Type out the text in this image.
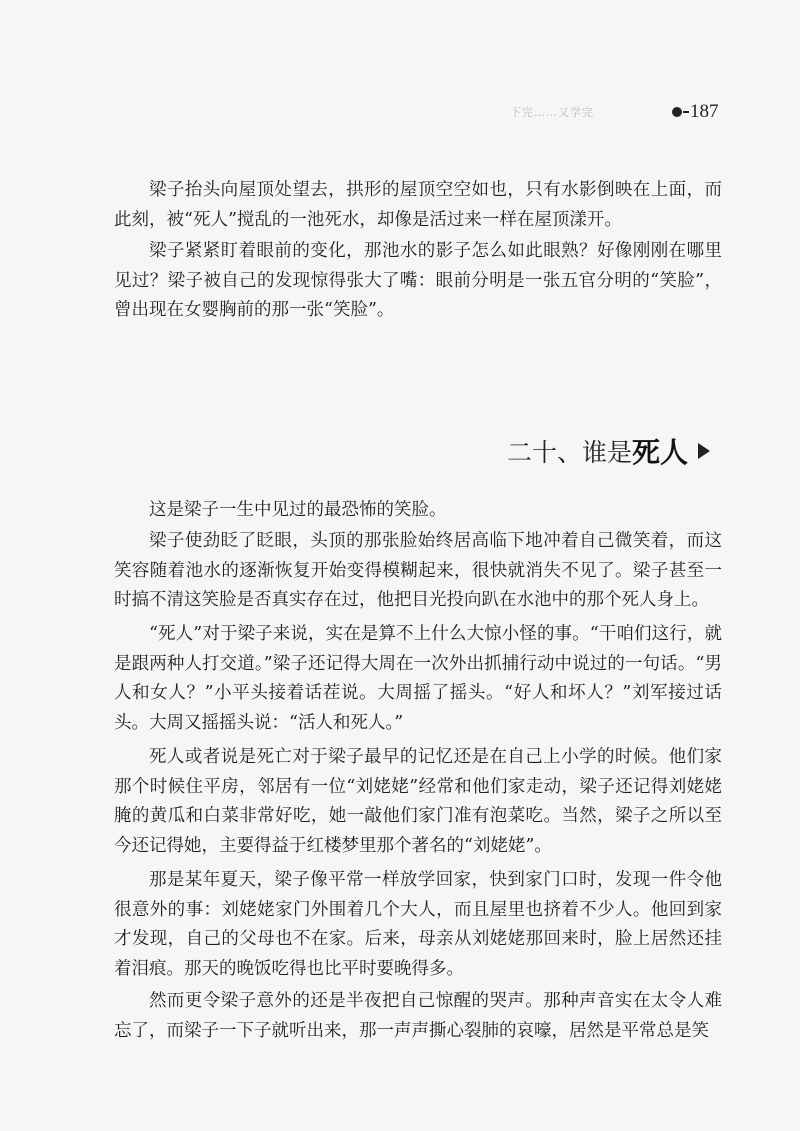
下完……又学完	187

梁子抬头向屋顶处望去，拱形的屋顶空空如也，只有水影倒映在上面，而此刻，被“死人”搅乱的一池死水，却像是活过来一样在屋顶漾开。

梁子紧紧盯着眼前的变化，那池水的影子怎么如此眼熟？好像刚刚在哪里见过？梁子被自己的发现惊得张大了嘴：眼前分明是一张五官分明的“笑脸”，曾出现在女婴胸前的那一张“笑脸”。

二十、 谁是 死人

这是梁子一生中见过的最恐怖的笑脸。

梁子使劲眨了眨眼，头顶的那张脸始终居高临下地冲着自己微笑着，而这笑容随着池水的逐渐恢复开始变得模糊起来，很快就消失不见了。梁子甚至一时搞不清这笑脸是否真实存在过，他把目光投向趴在水池中的那个死人身上。

“死人”对于梁子来说，实在是算不上什么大惊小怪的事。“干咱们这行，就是跟两种人打交道。”梁子还记得大周在一次外出抓捕行动中说过的一句话。“男人和女人？”小平头接着话茬说。大周摇了摇头。“好人和坏人？”刘军接过话头。大周又摇摇头说：“活人和死人。”

死人或者说是死亡对于梁子最早的记忆还是在自己上小学的时候。他们家那个时候住平房，邻居有一位“刘姥姥”经常和他们家走动，梁子还记得刘姥姥腌的黄瓜和白菜非常好吃，她一敲他们家门准有泡菜吃。当然，梁子之所以至今还记得她，主要得益于红楼梦里那个著名的“刘姥姥”。

那是某年夏天，梁子像平常一样放学回家，快到家门口时，发现一件令他很意外的事：刘姥姥家门外围着几个大人，而且屋里也挤着不少人。他回到家才发现，自己的父母也不在家。后来，母亲从刘姥姥那回来时，脸上居然还挂着泪痕。那天的晚饭吃得也比平时要晚得多。

然而更令梁子意外的还是半夜把自己惊醒的哭声。那种声音实在太令人难忘了，而梁子一下子就听出来，那一声声撕心裂肺的哀嚎，居然是平常总是笑
